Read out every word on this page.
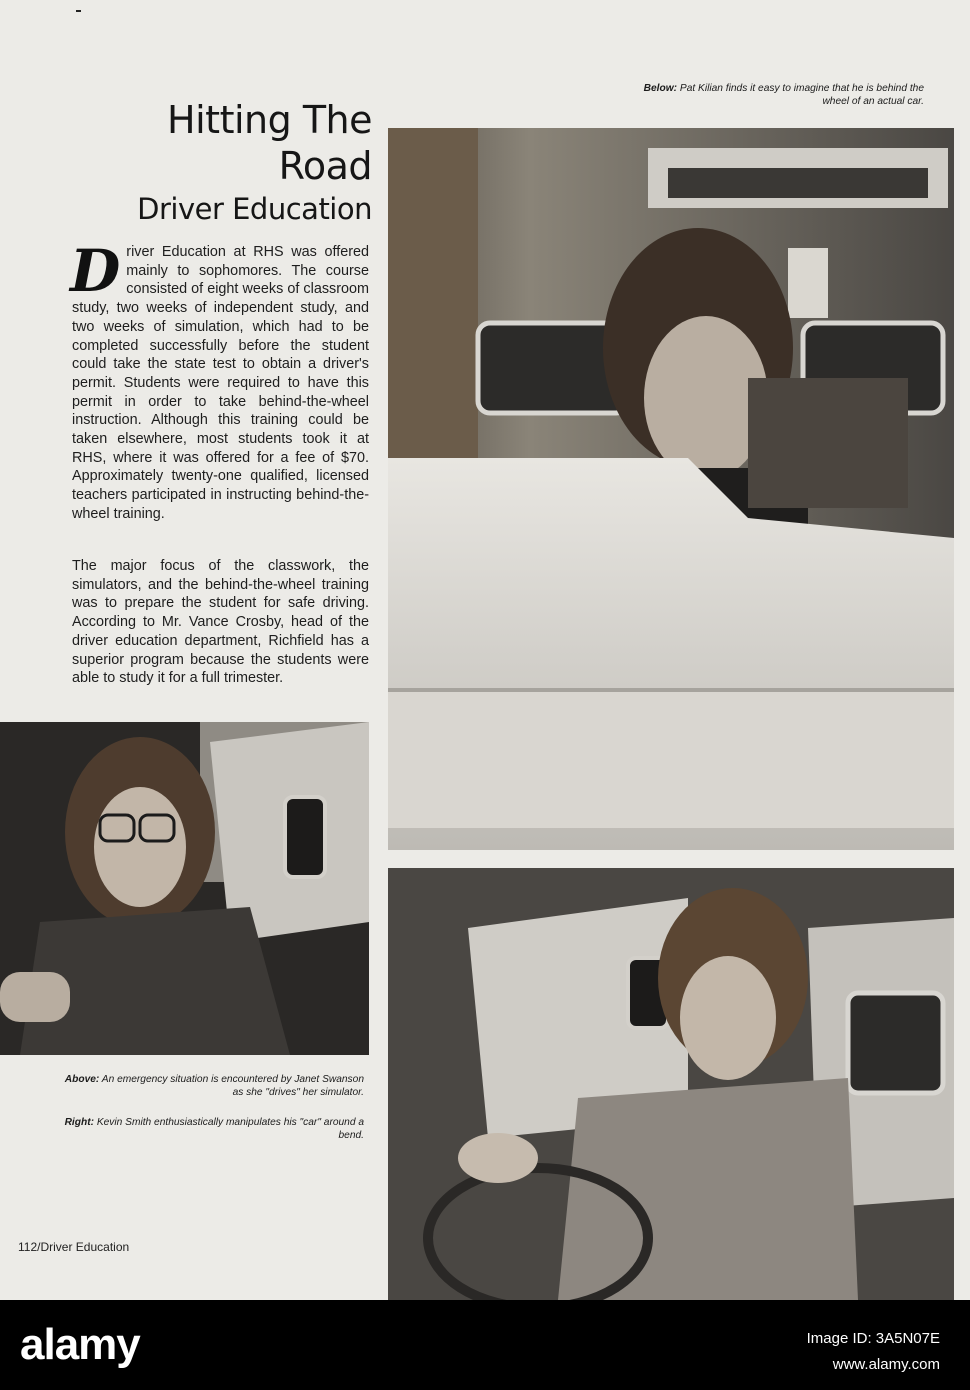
Below: Pat Kilian finds it easy to imagine that he is behind the wheel of an actual car.

Hitting The
Road
Driver Education

Driver Education at RHS was offered mainly to sophomores. The course consisted of eight weeks of classroom study, two weeks of independent study, and two weeks of simulation, which had to be completed successfully before the student could take the state test to obtain a driver's permit. Students were required to have this permit in order to take behind-the-wheel instruction. Although this training could be taken elsewhere, most students took it at RHS, where it was offered for a fee of $70. Approximately twenty-one qualified, licensed teachers participated in instructing behind-the-wheel training.

The major focus of the classwork, the simulators, and the behind-the-wheel training was to prepare the student for safe driving. According to Mr. Vance Crosby, head of the driver education department, Richfield has a superior program because the students were able to study it for a full trimester.

Above: An emergency situation is encountered by Janet Swanson as she "drives" her simulator.

Right: Kevin Smith enthusiastically manipulates his "car" around a bend.

112/Driver Education

alamy	Image ID: 3A5N07E
www.alamy.com
